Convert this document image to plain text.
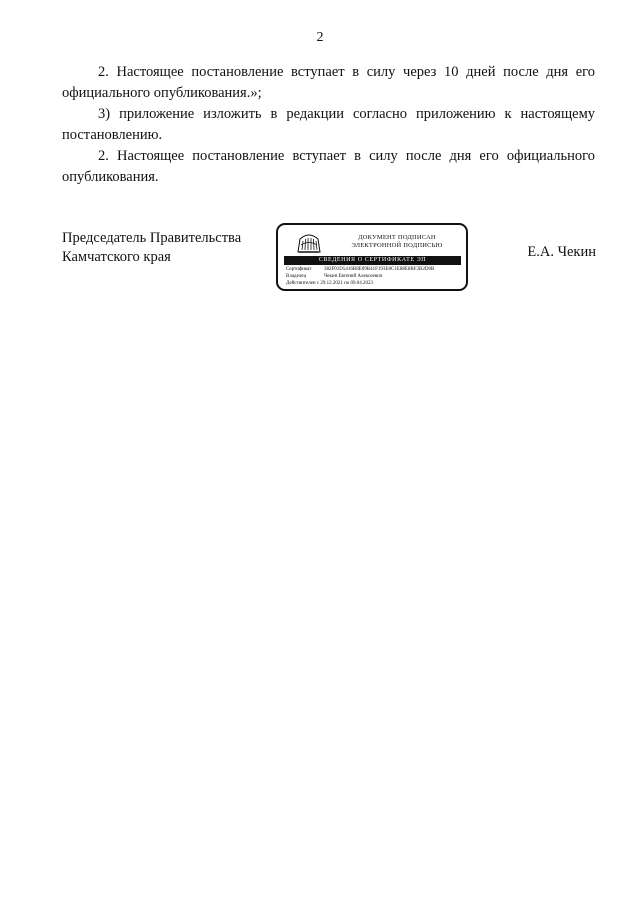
2

2. Настоящее постановление вступает в силу через 10 дней после дня его официального опубликования.»;

3) приложение изложить в редакции согласно приложению к настоящему постановлению.

2. Настоящее постановление вступает в силу после дня его официального опубликования.

Председатель Правительства
Камчатского края
ДОКУМЕНТ ПОДПИСАН
ЭЛЕКТРОННОЙ ПОДПИСЬЮ
СВЕДЕНИЯ О СЕРТИФИКАТЕ ЭП
Сертификат	382F01D5416B8E09B41F193E8C1E88E8BF2B2D0B
Владелец	Чекин Евгений Алексеевич
Действителен с 29.12.2021 по 09.04.2023
Е.А. Чекин
